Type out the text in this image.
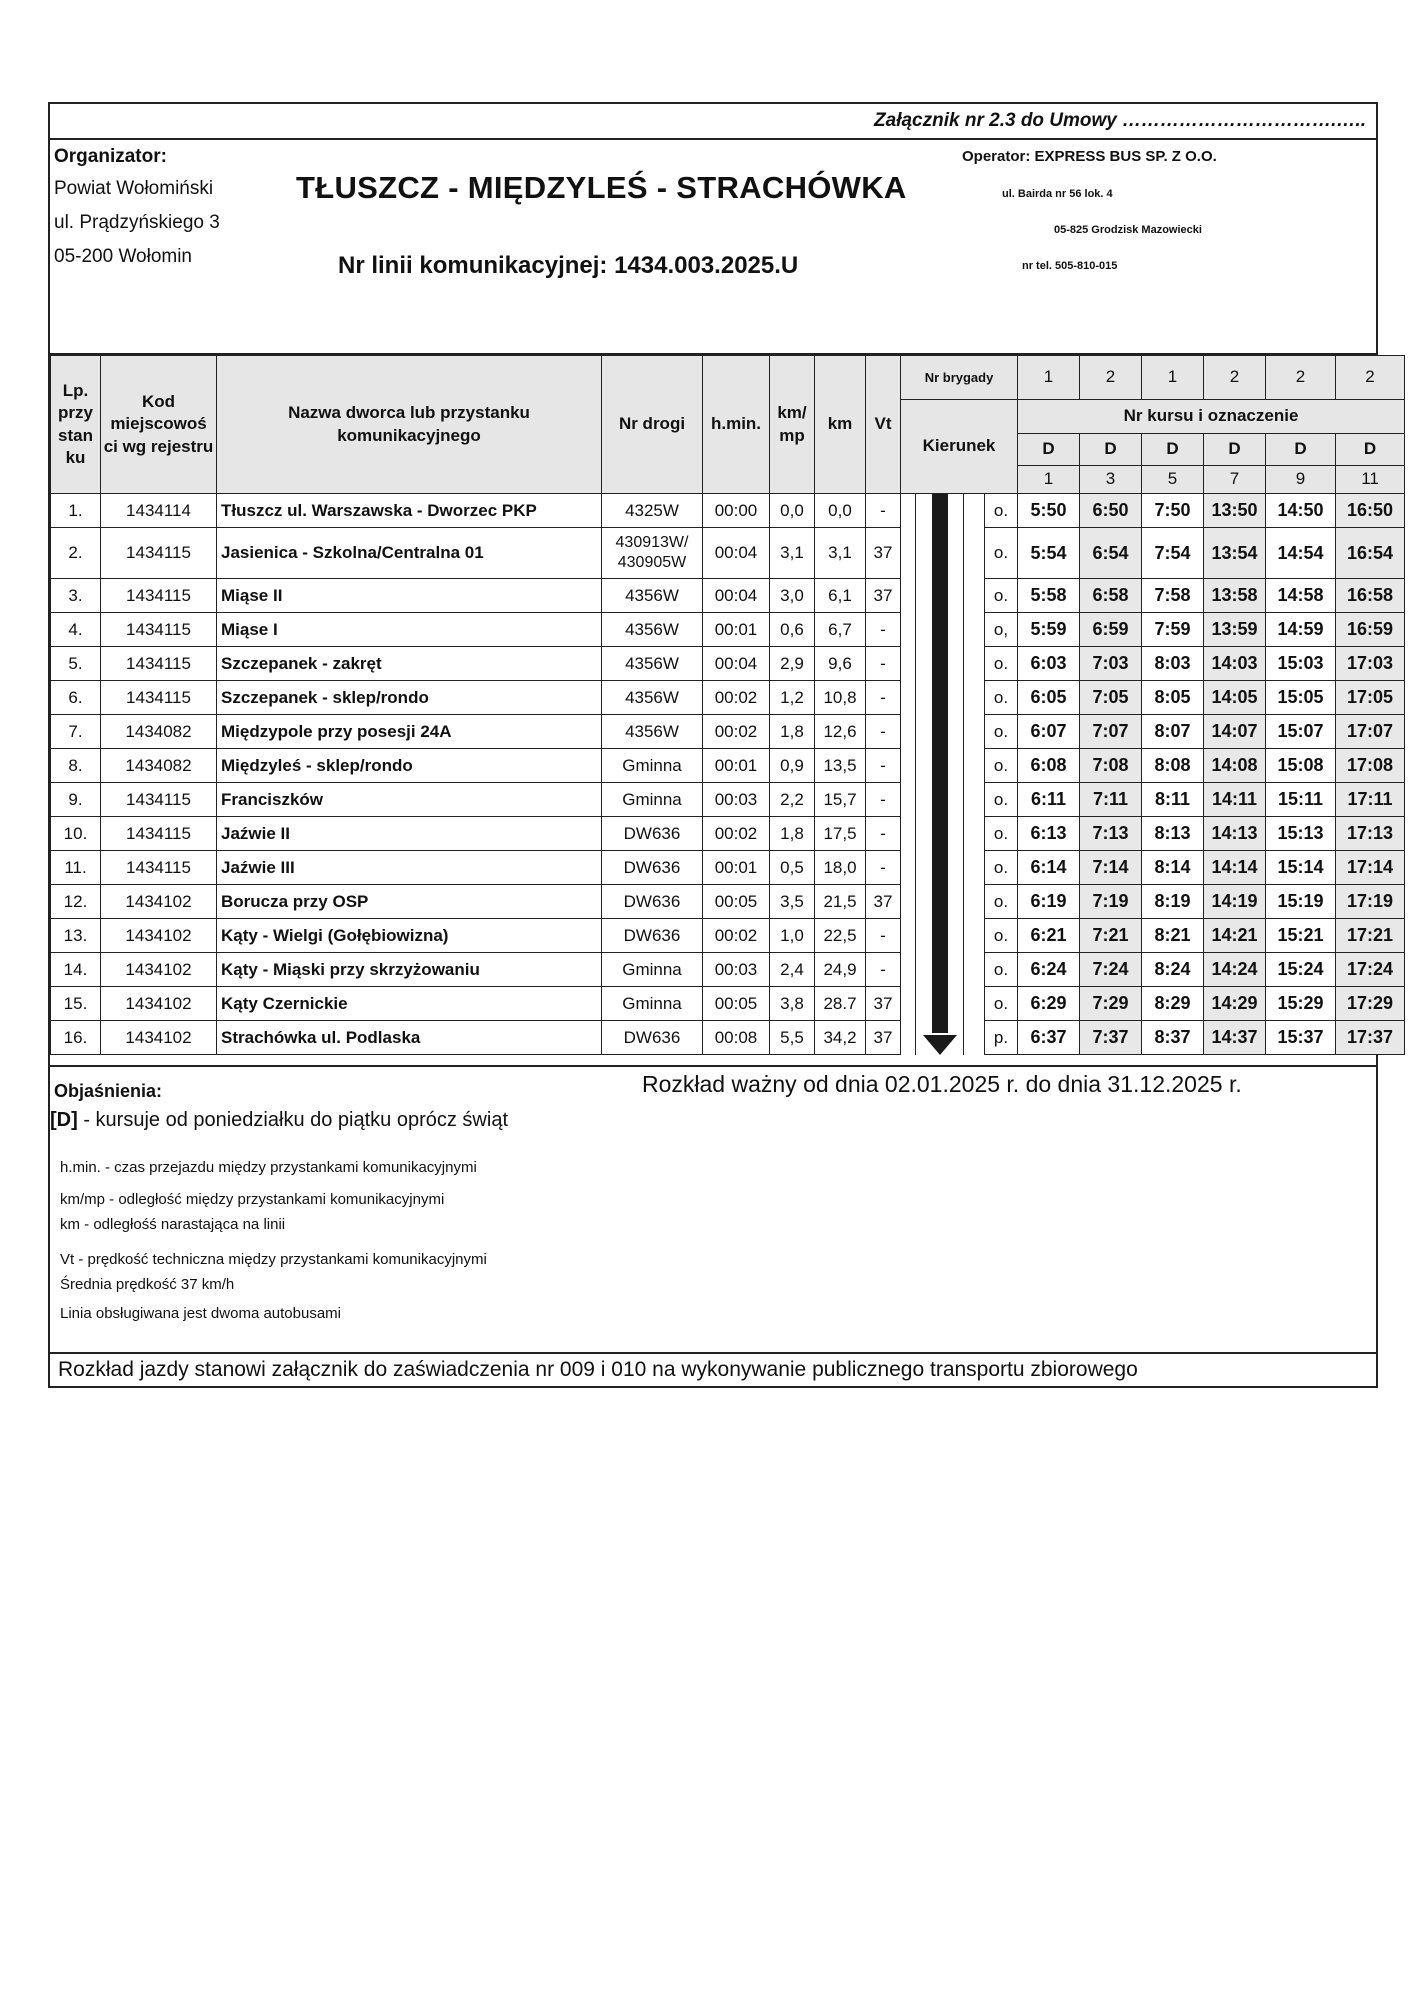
Załącznik nr 2.3 do Umowy …………………………….…..
Organizator:
Powiat Wołomiński
ul. Prądzyńskiego 3
05-200 Wołomin
TŁUSZCZ - MIĘDZYLEŚ - STRACHÓWKA
Nr linii komunikacyjnej: 1434.003.2025.U
Operator: EXPRESS BUS SP. Z O.O.
ul. Bairda nr 56 lok. 4
05-825 Grodzisk Mazowiecki
nr tel. 505-810-015
Lp. przy stan ku	Kod miejscowoś ci wg rejestru	Nazwa dworca lub przystanku komunikacyjnego	Nr drogi	h.min.	km/ mp	km	Vt	Nr brygady				1	2	1	2	2	2
								Kierunek				Nr kursu i oznaczenie					
												D	D	D	D	D	D
												1	3	5	7	9	11
1.	1434114	Tłuszcz ul. Warszawska - Dworzec PKP	4325W	00:00	0,0	0,0	-				o.	5:50	6:50	7:50	13:50	14:50	16:50
2.	1434115	Jasienica - Szkolna/Centralna 01	430913W/ 430905W	00:04	3,1	3,1	37				o.	5:54	6:54	7:54	13:54	14:54	16:54
3.	1434115	Miąse II	4356W	00:04	3,0	6,1	37				o.	5:58	6:58	7:58	13:58	14:58	16:58
4.	1434115	Miąse I	4356W	00:01	0,6	6,7	-				o,	5:59	6:59	7:59	13:59	14:59	16:59
5.	1434115	Szczepanek - zakręt	4356W	00:04	2,9	9,6	-				o.	6:03	7:03	8:03	14:03	15:03	17:03
6.	1434115	Szczepanek - sklep/rondo	4356W	00:02	1,2	10,8	-				o.	6:05	7:05	8:05	14:05	15:05	17:05
7.	1434082	Międzypole przy posesji 24A	4356W	00:02	1,8	12,6	-				o.	6:07	7:07	8:07	14:07	15:07	17:07
8.	1434082	Międzyleś - sklep/rondo	Gminna	00:01	0,9	13,5	-				o.	6:08	7:08	8:08	14:08	15:08	17:08
9.	1434115	Franciszków	Gminna	00:03	2,2	15,7	-				o.	6:11	7:11	8:11	14:11	15:11	17:11
10.	1434115	Jaźwie II	DW636	00:02	1,8	17,5	-				o.	6:13	7:13	8:13	14:13	15:13	17:13
11.	1434115	Jaźwie III	DW636	00:01	0,5	18,0	-				o.	6:14	7:14	8:14	14:14	15:14	17:14
12.	1434102	Borucza przy OSP	DW636	00:05	3,5	21,5	37				o.	6:19	7:19	8:19	14:19	15:19	17:19
13.	1434102	Kąty - Wielgi (Gołębiowizna)	DW636	00:02	1,0	22,5	-				o.	6:21	7:21	8:21	14:21	15:21	17:21
14.	1434102	Kąty - Miąski przy skrzyżowaniu	Gminna	00:03	2,4	24,9	-				o.	6:24	7:24	8:24	14:24	15:24	17:24
15.	1434102	Kąty Czernickie	Gminna	00:05	3,8	28.7	37				o.	6:29	7:29	8:29	14:29	15:29	17:29
16.	1434102	Strachówka ul. Podlaska	DW636	00:08	5,5	34,2	37				p.	6:37	7:37	8:37	14:37	15:37	17:37
Objaśnienia:
[D] - kursuje od poniedziałku do piątku oprócz świąt
h.min. - czas przejazdu między przystankami komunikacyjnymi
km/mp - odległość między przystankami komunikacyjnymi
km - odległośś narastająca na linii
Vt - prędkość techniczna między przystankami komunikacyjnymi
Średnia prędkość 37 km/h
Linia obsługiwana jest dwoma autobusami
Rozkład ważny od dnia 02.01.2025 r. do dnia 31.12.2025 r.
Rozkład jazdy stanowi załącznik do zaświadczenia nr 009 i 010 na wykonywanie publicznego transportu zbiorowego
